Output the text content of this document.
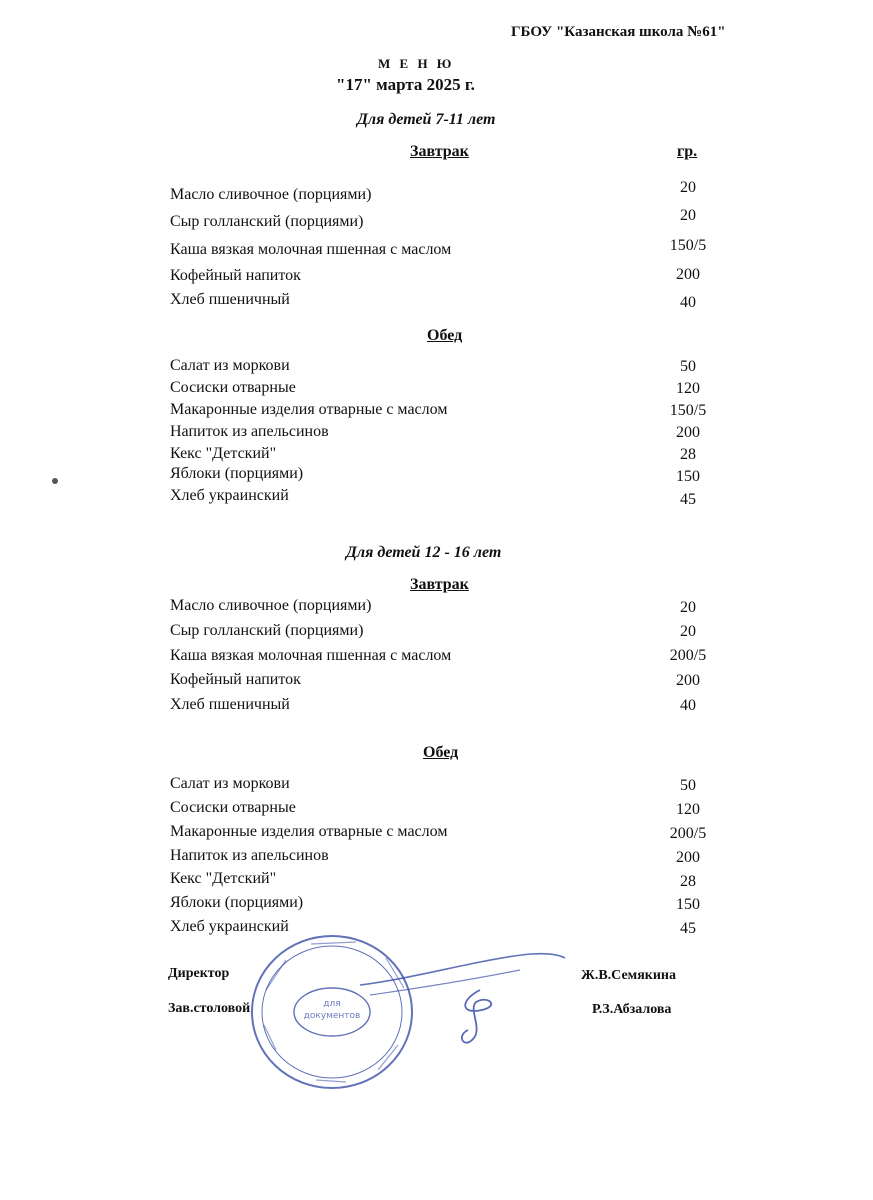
ГБОУ "Казанская школа №61"
М Е Н Ю
"17" марта 2025 г.
Для детей 7-11 лет
Завтрак	гр.
Масло сливочное (порциями)	20
Сыр голланский (порциями)	20
Каша вязкая молочная пшенная с маслом	150/5
Кофейный напиток	200
Хлеб пшеничный	40
Обед
Салат из моркови	50
Сосиски отварные	120
Макаронные изделия отварные с маслом	150/5
Напиток из апельсинов	200
Кекс "Детский"	28
Яблоки (порциями)	150
Хлеб украинский	45
Для детей 12 - 16 лет
Завтрак
Масло сливочное (порциями)	20
Сыр голланский (порциями)	20
Каша вязкая молочная пшенная с маслом	200/5
Кофейный напиток	200
Хлеб пшеничный	40
Обед
Салат из моркови	50
Сосиски отварные	120
Макаронные изделия отварные с маслом	200/5
Напиток из апельсинов	200
Кекс "Детский"	28
Яблоки (порциями)	150
Хлеб украинский	45
Директор	Ж.В.Семякина
Зав.столовой	Р.З.Абзалова
для
документов
